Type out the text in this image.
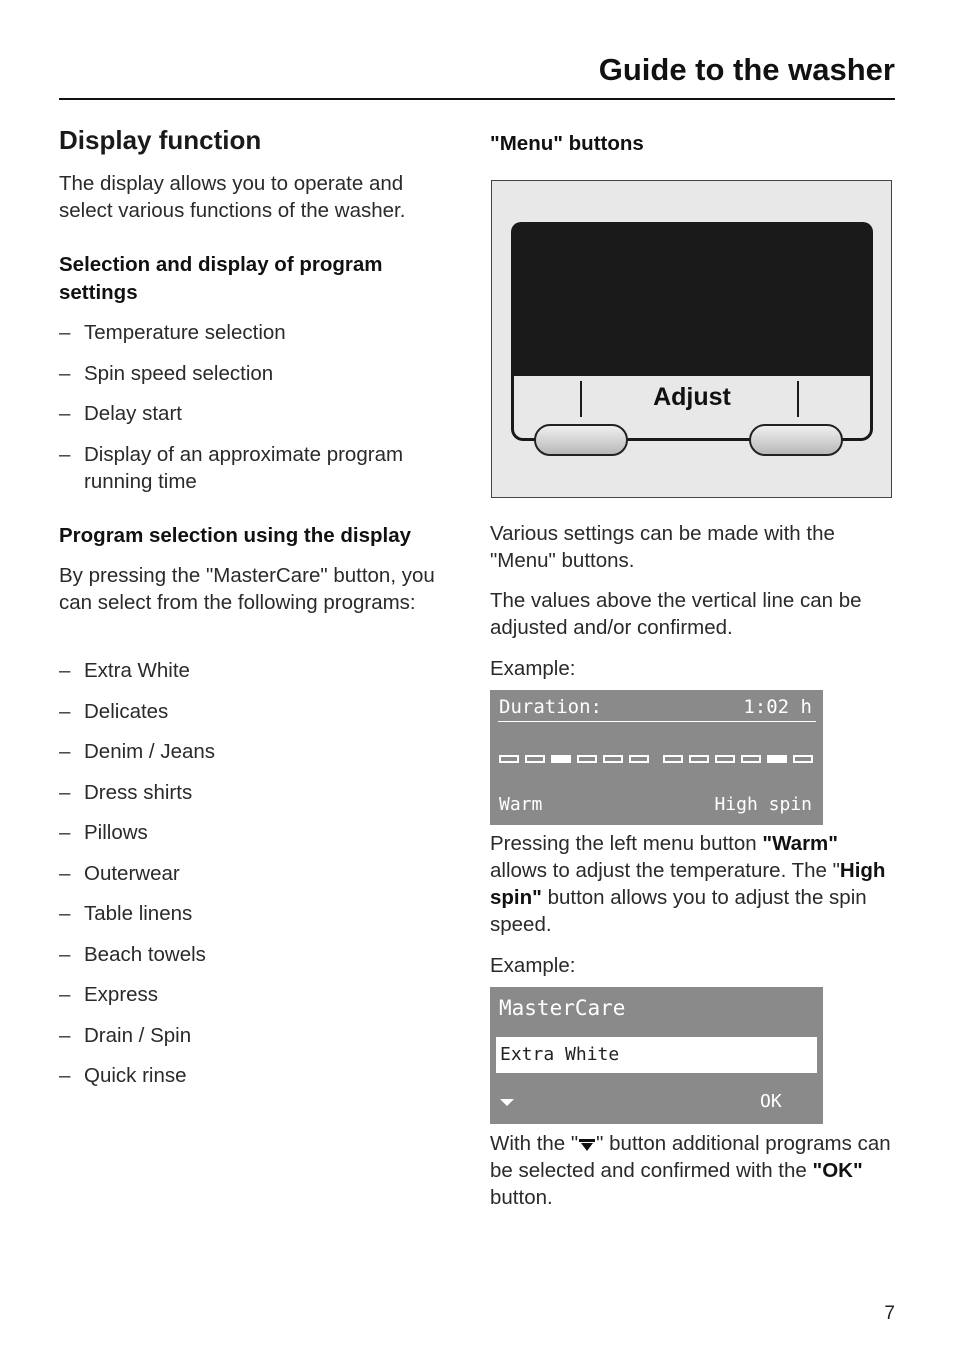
Guide to the washer
Display function
The display allows you to operate and select various functions of the washer.
Selection and display of program settings
– Temperature selection
– Spin speed selection
– Delay start
– Display of an approximate program running time
Program selection using the display
By pressing the "MasterCare" button, you can select from the following programs:
– Extra White
– Delicates
– Denim / Jeans
– Dress shirts
– Pillows
– Outerwear
– Table linens
– Beach towels
– Express
– Drain / Spin
– Quick rinse
"Menu" buttons
Adjust
Various settings can be made with the "Menu" buttons.
The values above the vertical line can be adjusted and/or confirmed.
Example:
Duration:	1:02 h
Warm	High spin
Pressing the left menu button "Warm" allows to adjust the temperature. The "High spin" button allows you to adjust the spin speed.
Example:
MasterCare
Extra White
OK
With the " " button additional programs can be selected and confirmed with the "OK" button.
7
